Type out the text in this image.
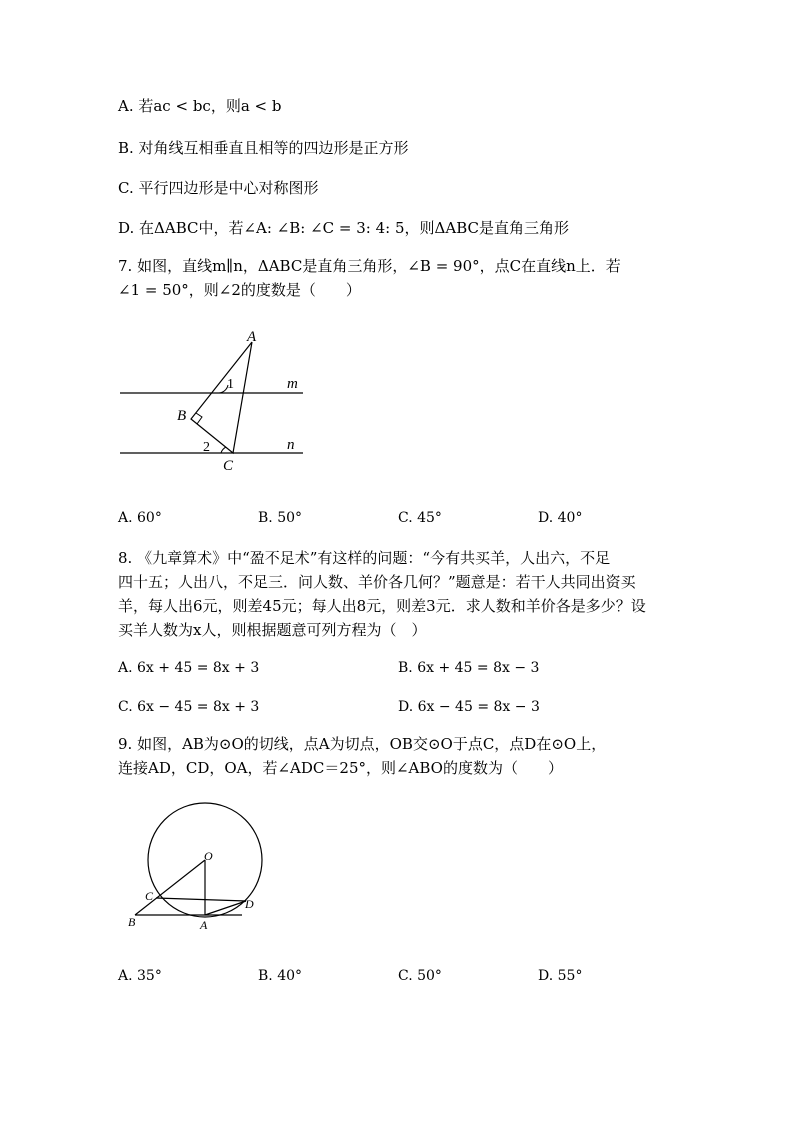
A. 若ac < bc，则a < b
B. 对角线互相垂直且相等的四边形是正方形
C. 平行四边形是中心对称图形
D. 在ΔABC中，若∠A: ∠B: ∠C = 3: 4: 5，则ΔABC是直角三角形
7. 如图，直线m∥n，ΔABC是直角三角形，∠B = 90°，点C在直线n上．若
∠1 = 50°，则∠2的度数是（　　）
A
1	m
B
2	n
C
A. 60°	B. 50°	C. 45°	D. 40°
8. 《九章算术》中“盈不足术”有这样的问题：“今有共买羊，人出六，不足
四十五；人出八，不足三．问人数、羊价各几何？”题意是：若干人共同出资买
羊，每人出6元，则差45元；每人出8元，则差3元．求人数和羊价各是多少？设
买羊人数为x人，则根据题意可列方程为（　）
A. 6x + 45 = 8x + 3	B. 6x + 45 = 8x − 3
C. 6x − 45 = 8x + 3	D. 6x − 45 = 8x − 3
9. 如图，AB为⊙O的切线，点A为切点，OB交⊙O于点C，点D在⊙O上，
连接AD，CD，OA，若∠ADC＝25°，则∠ABO的度数为（　　）
O
C
D
B	A
A. 35°	B. 40°	C. 50°	D. 55°
